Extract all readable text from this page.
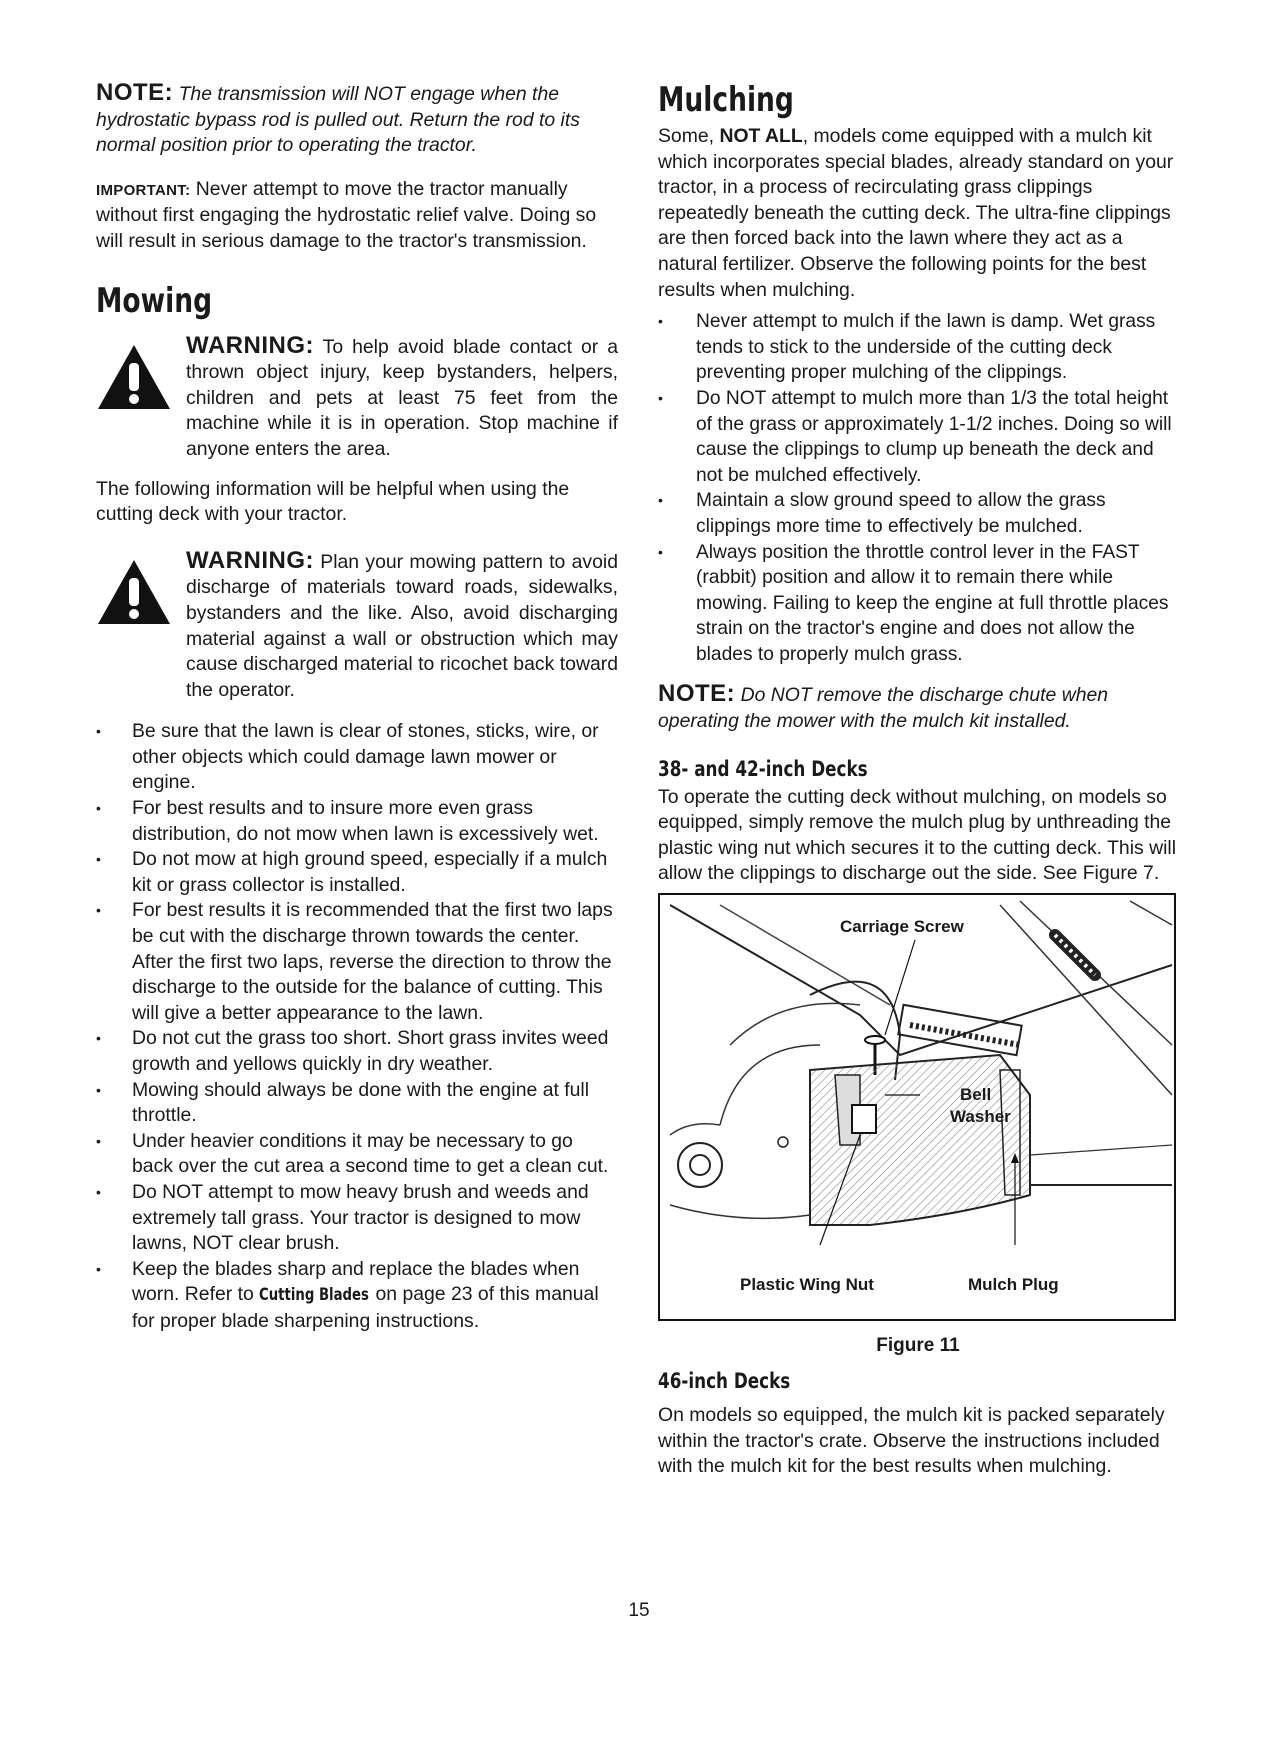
NOTE: The transmission will NOT engage when the hydrostatic bypass rod is pulled out. Return the rod to its normal position prior to operating the tractor.

IMPORTANT: Never attempt to move the tractor manually without first engaging the hydrostatic relief valve. Doing so will result in serious damage to the tractor's transmission.

Mowing

WARNING: To help avoid blade contact or a thrown object injury, keep bystanders, helpers, children and pets at least 75 feet from the machine while it is in operation. Stop machine if anyone enters the area.

The following information will be helpful when using the cutting deck with your tractor.

WARNING: Plan your mowing pattern to avoid discharge of materials toward roads, sidewalks, bystanders and the like. Also, avoid discharging material against a wall or obstruction which may cause discharged material to ricochet back toward the operator.

• Be sure that the lawn is clear of stones, sticks, wire, or other objects which could damage lawn mower or engine.
• For best results and to insure more even grass distribution, do not mow when lawn is excessively wet.
• Do not mow at high ground speed, especially if a mulch kit or grass collector is installed.
• For best results it is recommended that the first two laps be cut with the discharge thrown towards the center. After the first two laps, reverse the direction to throw the discharge to the outside for the balance of cutting. This will give a better appearance to the lawn.
• Do not cut the grass too short. Short grass invites weed growth and yellows quickly in dry weather.
• Mowing should always be done with the engine at full throttle.
• Under heavier conditions it may be necessary to go back over the cut area a second time to get a clean cut.
• Do NOT attempt to mow heavy brush and weeds and extremely tall grass. Your tractor is designed to mow lawns, NOT clear brush.
• Keep the blades sharp and replace the blades when worn. Refer to Cutting Blades on page 23 of this manual for proper blade sharpening instructions.
Mulching

Some, NOT ALL, models come equipped with a mulch kit which incorporates special blades, already standard on your tractor, in a process of recirculating grass clippings repeatedly beneath the cutting deck. The ultra-fine clippings are then forced back into the lawn where they act as a natural fertilizer. Observe the following points for the best results when mulching.

• Never attempt to mulch if the lawn is damp. Wet grass tends to stick to the underside of the cutting deck preventing proper mulching of the clippings.
• Do NOT attempt to mulch more than 1/3 the total height of the grass or approximately 1-1/2 inches. Doing so will cause the clippings to clump up beneath the deck and not be mulched effectively.
• Maintain a slow ground speed to allow the grass clippings more time to effectively be mulched.
• Always position the throttle control lever in the FAST (rabbit) position and allow it to remain there while mowing. Failing to keep the engine at full throttle places strain on the tractor's engine and does not allow the blades to properly mulch grass.

NOTE: Do NOT remove the discharge chute when operating the mower with the mulch kit installed.

38- and 42-inch Decks

To operate the cutting deck without mulching, on models so equipped, simply remove the mulch plug by unthreading the plastic wing nut which secures it to the cutting deck. This will allow the clippings to discharge out the side. See Figure 7.

Carriage Screw
Bell
Washer
Plastic Wing Nut	Mulch Plug
Figure 11
46-inch Decks

On models so equipped, the mulch kit is packed separately within the tractor's crate. Observe the instructions included with the mulch kit for the best results when mulching.

15
